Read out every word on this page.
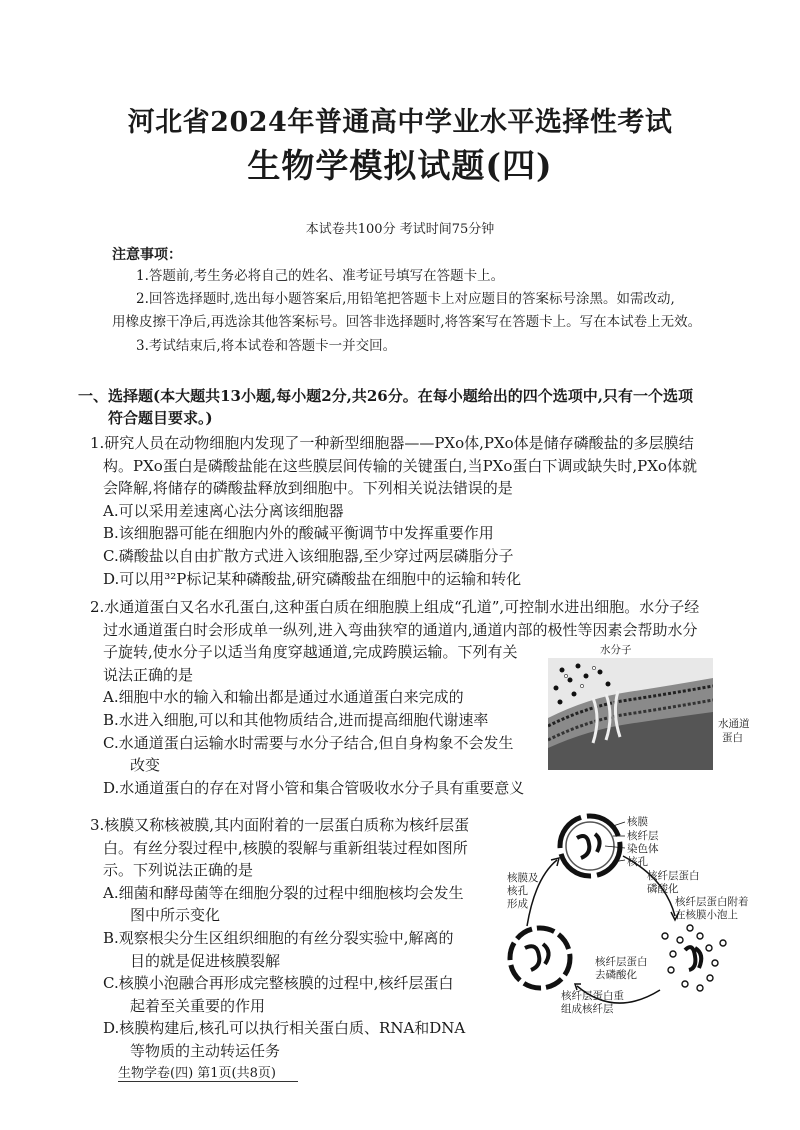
河北省2024年普通高中学业水平选择性考试
生物学模拟试题(四)
本试卷共100分 考试时间75分钟
注意事项：
1.答题前,考生务必将自己的姓名、准考证号填写在答题卡上。
2.回答选择题时,选出每小题答案后,用铅笔把答题卡上对应题目的答案标号涂黑。如需改动,
用橡皮擦干净后,再选涂其他答案标号。回答非选择题时,将答案写在答题卡上。写在本试卷上无效。
3.考试结束后,将本试卷和答题卡一并交回。
一、选择题(本大题共13小题,每小题2分,共26分。在每小题给出的四个选项中,只有一个选项
符合题目要求。)
1.研究人员在动物细胞内发现了一种新型细胞器——PXo体,PXo体是储存磷酸盐的多层膜结
构。PXo蛋白是磷酸盐能在这些膜层间传输的关键蛋白,当PXo蛋白下调或缺失时,PXo体就
会降解,将储存的磷酸盐释放到细胞中。下列相关说法错误的是
A.可以采用差速离心法分离该细胞器
B.该细胞器可能在细胞内外的酸碱平衡调节中发挥重要作用
C.磷酸盐以自由扩散方式进入该细胞器,至少穿过两层磷脂分子
D.可以用³²P标记某种磷酸盐,研究磷酸盐在细胞中的运输和转化
2.水通道蛋白又名水孔蛋白,这种蛋白质在细胞膜上组成“孔道”,可控制水进出细胞。水分子经
过水通道蛋白时会形成单一纵列,进入弯曲狭窄的通道内,通道内部的极性等因素会帮助水分
子旋转,使水分子以适当角度穿越通道,完成跨膜运输。下列有关
说法正确的是
A.细胞中水的输入和输出都是通过水通道蛋白来完成的
B.水进入细胞,可以和其他物质结合,进而提高细胞代谢速率
C.水通道蛋白运输水时需要与水分子结合,但自身构象不会发生
改变
D.水通道蛋白的存在对肾小管和集合管吸收水分子具有重要意义
水分子
水通道
蛋白
3.核膜又称核被膜,其内面附着的一层蛋白质称为核纤层蛋
白。有丝分裂过程中,核膜的裂解与重新组装过程如图所
示。下列说法正确的是
A.细菌和酵母菌等在细胞分裂的过程中细胞核均会发生
图中所示变化
B.观察根尖分生区组织细胞的有丝分裂实验中,解离的
目的就是促进核膜裂解
C.核膜小泡融合再形成完整核膜的过程中,核纤层蛋白
起着至关重要的作用
D.核膜构建后,核孔可以执行相关蛋白质、RNA和DNA
等物质的主动转运任务
核膜
核纤层
染色体
核孔
核纤层蛋白
磷酸化
核纤层蛋白附着
在核膜小泡上
核膜及
核孔
形成
核纤层蛋白
去磷酸化
核纤层蛋白重
组成核纤层
生物学卷(四) 第1页(共8页)
